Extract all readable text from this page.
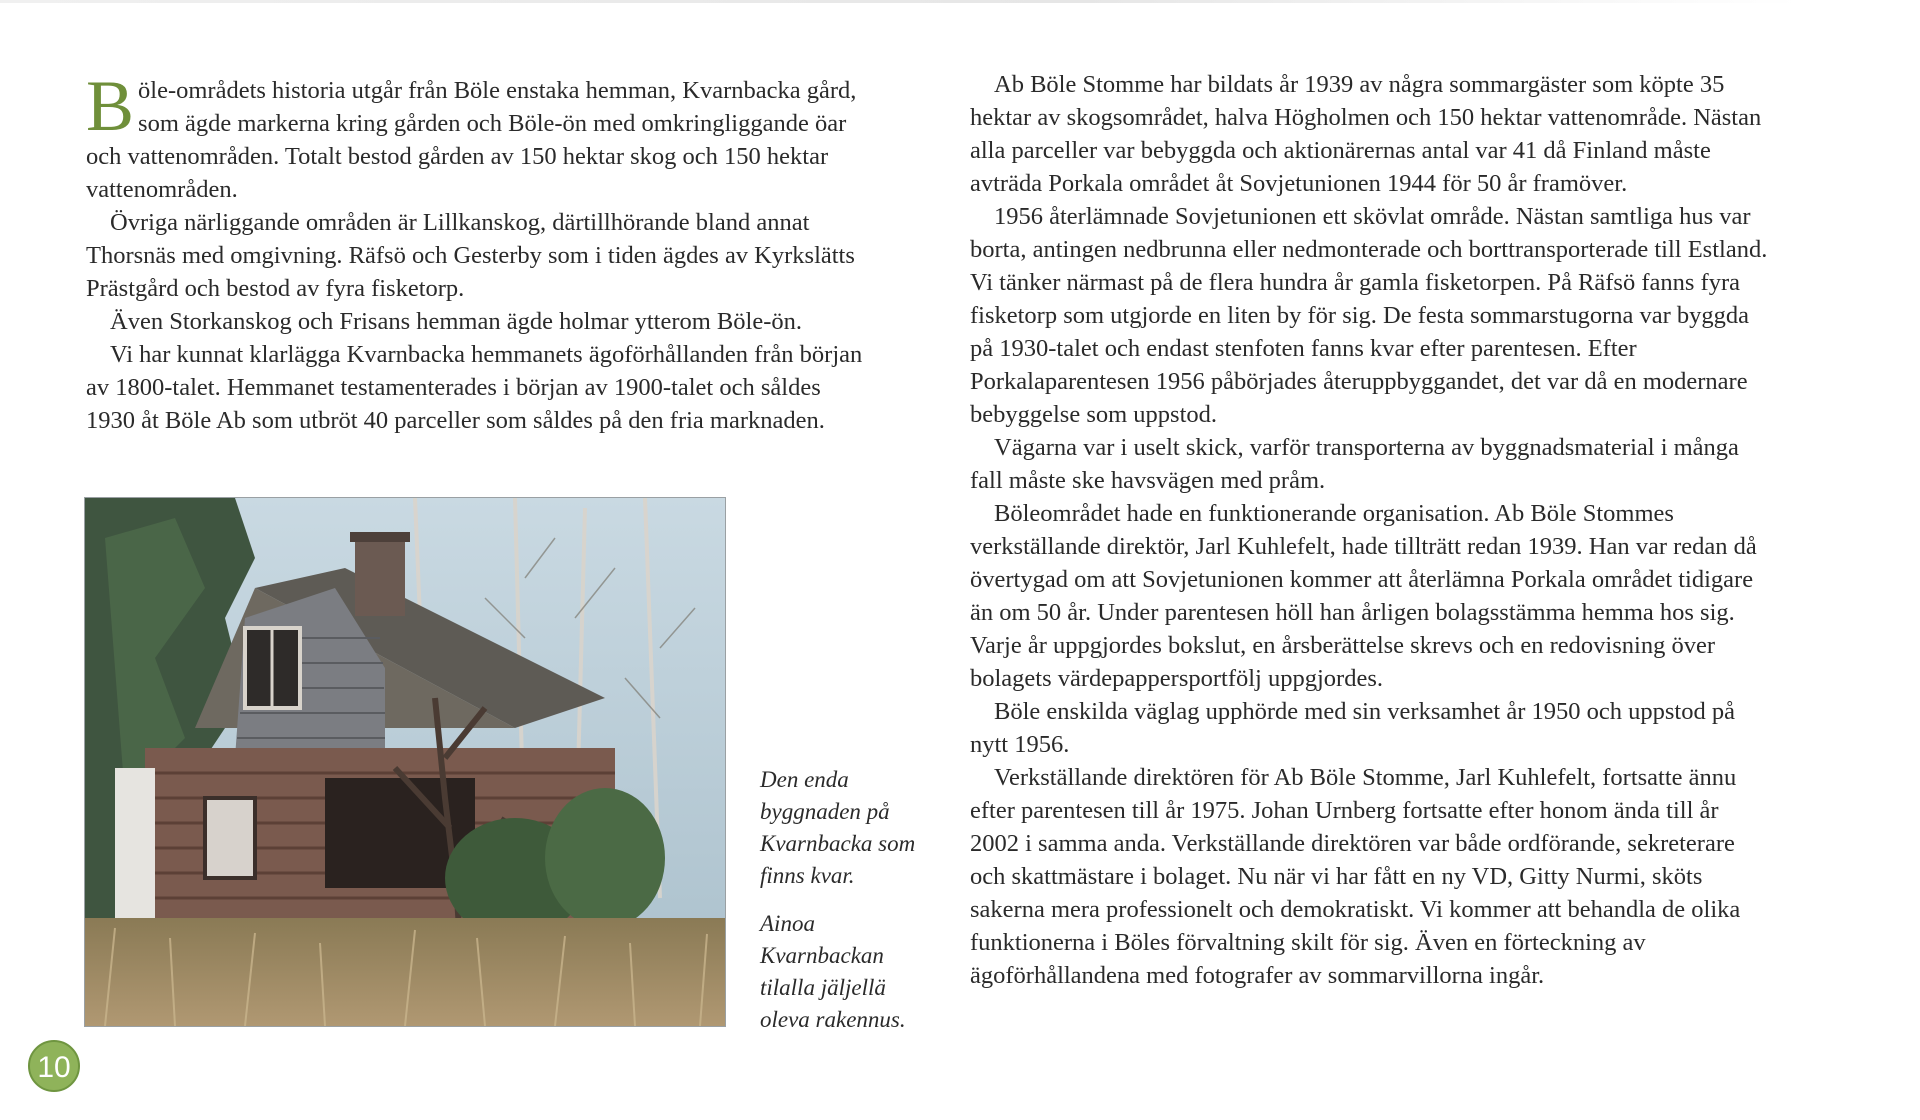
Böle-områdets historia utgår från Böle enstaka hemman, Kvarnbacka gård, som ägde markerna kring gården och Böle-ön med omkringliggande öar och vattenområden. Totalt bestod gården av 150 hektar skog och 150 hektar vattenområden.

Övriga närliggande områden är Lillkanskog, därtillhörande bland annat Thorsnäs med omgivning. Räfsö och Gesterby som i tiden ägdes av Kyrkslätts Prästgård och bestod av fyra fisketorp.

Även Storkanskog och Frisans hemman ägde holmar ytterom Böle-ön.

Vi har kunnat klarlägga Kvarnbacka hemmanets ägoförhållanden från början av 1800-talet. Hemmanet testamenterades i början av 1900-talet och såldes 1930 åt Böle Ab som utbröt 40 parceller som såldes på den fria marknaden.

Den enda byggnaden på Kvarnbacka som finns kvar.
Ainoa Kvarnbackan tilalla jäljellä oleva rakennus.

Ab Böle Stomme har bildats år 1939 av några sommargäster som köpte 35 hektar av skogsområdet, halva Högholmen och 150 hektar vattenområde. Nästan alla parceller var bebyggda och aktionärernas antal var 41 då Finland måste avträda Porkala området åt Sovjetunionen 1944 för 50 år framöver.

1956 återlämnade Sovjetunionen ett skövlat område. Nästan samtliga hus var borta, antingen nedbrunna eller nedmonterade och borttransporterade till Estland. Vi tänker närmast på de flera hundra år gamla fisketorpen. På Räfsö fanns fyra fisketorp som utgjorde en liten by för sig. De festa sommarstugorna var byggda på 1930-talet och endast stenfoten fanns kvar efter parentesen. Efter Porkalaparentesen 1956 påbörjades återuppbyggandet, det var då en modernare bebyggelse som uppstod.

Vägarna var i uselt skick, varför transporterna av byggnadsmaterial i många fall måste ske havsvägen med pråm.

Böleområdet hade en funktionerande organisation. Ab Böle Stommes verkställande direktör, Jarl Kuhlefelt, hade tillträtt redan 1939. Han var redan då övertygad om att Sovjetunionen kommer att återlämna Porkala området tidigare än om 50 år. Under parentesen höll han årligen bolagsstämma hemma hos sig. Varje år uppgjordes bokslut, en årsberättelse skrevs och en redovisning över bolagets värdepappersportfölj uppgjordes.

Böle enskilda väglag upphörde med sin verksamhet år 1950 och uppstod på nytt 1956.

Verkställande direktören för Ab Böle Stomme, Jarl Kuhlefelt, fortsatte ännu efter parentesen till år 1975. Johan Urnberg fortsatte efter honom ända till år 2002 i samma anda. Verkställande direktören var både ordförande, sekreterare och skattmästare i bolaget. Nu när vi har fått en ny VD, Gitty Nurmi, sköts sakerna mera professionelt och demokratiskt. Vi kommer att behandla de olika funktionerna i Böles förvaltning skilt för sig. Även en förteckning av ägoförhållandena med fotografer av sommarvillorna ingår.

10
